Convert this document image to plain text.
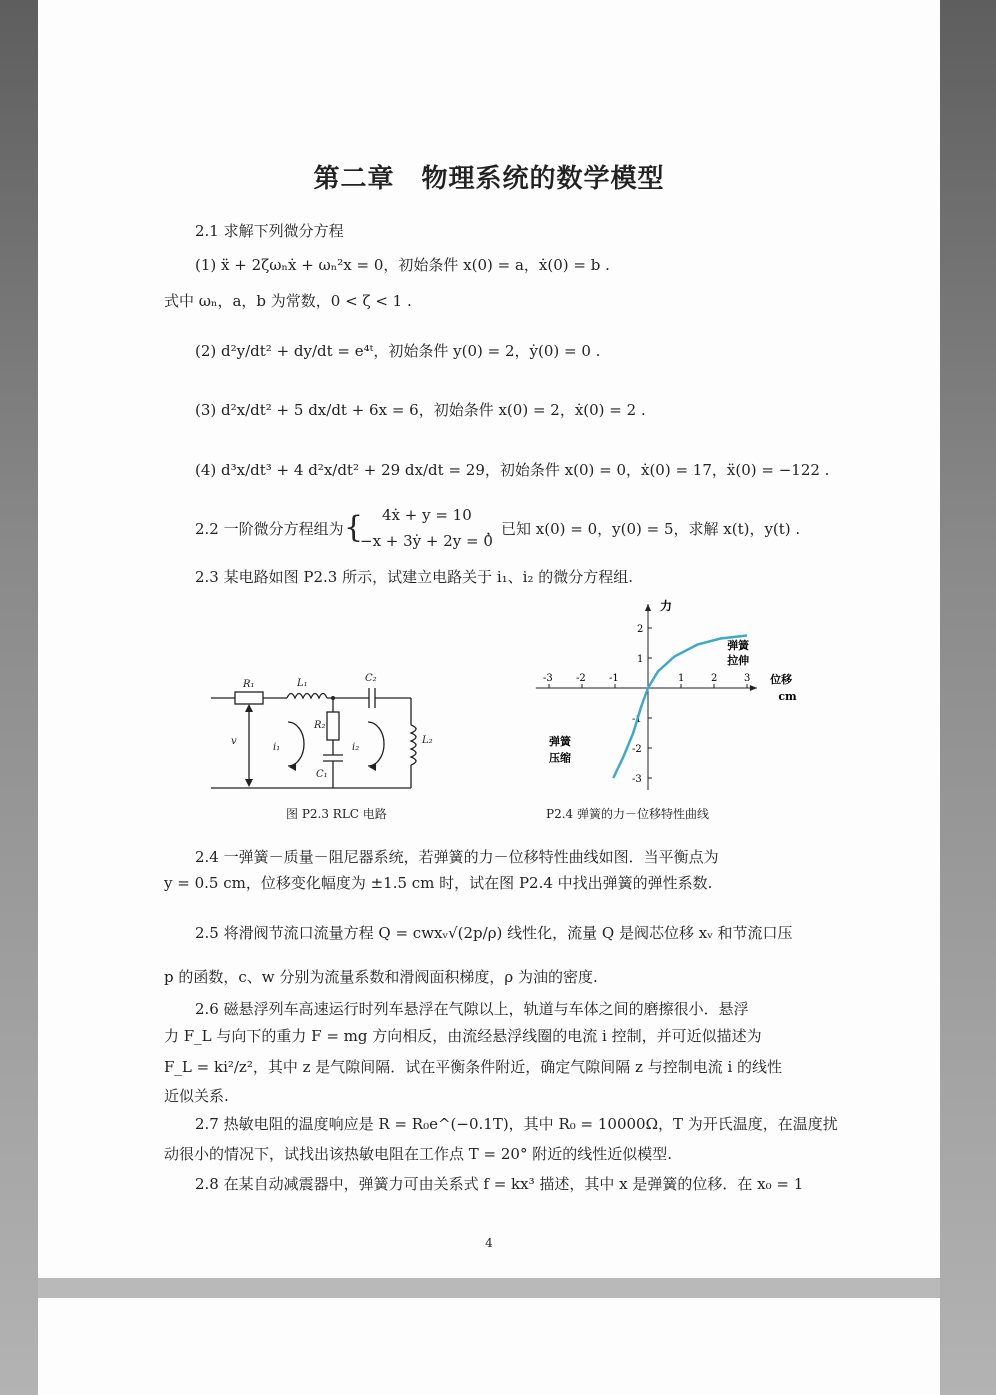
第二章　物理系统的数学模型
2.1 求解下列微分方程
(1) ẍ + 2ζωₙẋ + ωₙ²x = 0，初始条件 x(0) = a，ẋ(0) = b .
式中 ωₙ，a，b 为常数，0 < ζ < 1 .
(2) d²y/dt² + dy/dt = e⁴ᵗ，初始条件 y(0) = 2，ẏ(0) = 0 .
(3) d²x/dt² + 5 dx/dt + 6x = 6，初始条件 x(0) = 2，ẋ(0) = 2 .
(4) d³x/dt³ + 4 d²x/dt² + 29 dx/dt = 29，初始条件 x(0) = 0，ẋ(0) = 17，ẍ(0) = −122 .
2.2 一阶微分方程组为 { 4ẋ + y = 10
−x + 3ẏ + 2y = 0
，已知 x(0) = 0，y(0) = 5，求解 x(t)，y(t) .
2.3 某电路如图 P2.3 所示，试建立电路关于 i₁、i₂ 的微分方程组.
R₁	L₁	C₂
R₂
C₁
L₂
v
i₁	i₂
图 P2.3 RLC 电路
-3 -2 -1	1	2	3
2
1
-1
-2
-3
力
弹簧
拉伸
弹簧
压缩
位移
cm
P2.4 弹簧的力－位移特性曲线
2.4 一弹簧－质量－阻尼器系统，若弹簧的力－位移特性曲线如图．当平衡点为
y = 0.5 cm，位移变化幅度为 ±1.5 cm 时，试在图 P2.4 中找出弹簧的弹性系数.
2.5 将滑阀节流口流量方程 Q = cwxᵥ√(2p/ρ) 线性化，流量 Q 是阀芯位移 xᵥ 和节流口压
p 的函数，c、w 分别为流量系数和滑阀面积梯度，ρ 为油的密度.
2.6 磁悬浮列车高速运行时列车悬浮在气隙以上，轨道与车体之间的磨擦很小．悬浮
力 F_L 与向下的重力 F = mg 方向相反，由流经悬浮线圈的电流 i 控制，并可近似描述为
F_L = ki²/z²，其中 z 是气隙间隔．试在平衡条件附近，确定气隙间隔 z 与控制电流 i 的线性
近似关系.
2.7 热敏电阻的温度响应是 R = R₀e^(−0.1T)，其中 R₀ = 10000Ω，T 为开氏温度，在温度扰
动很小的情况下，试找出该热敏电阻在工作点 T = 20° 附近的线性近似模型.
2.8 在某自动减震器中，弹簧力可由关系式 f = kx³ 描述，其中 x 是弹簧的位移．在 x₀ = 1
4
